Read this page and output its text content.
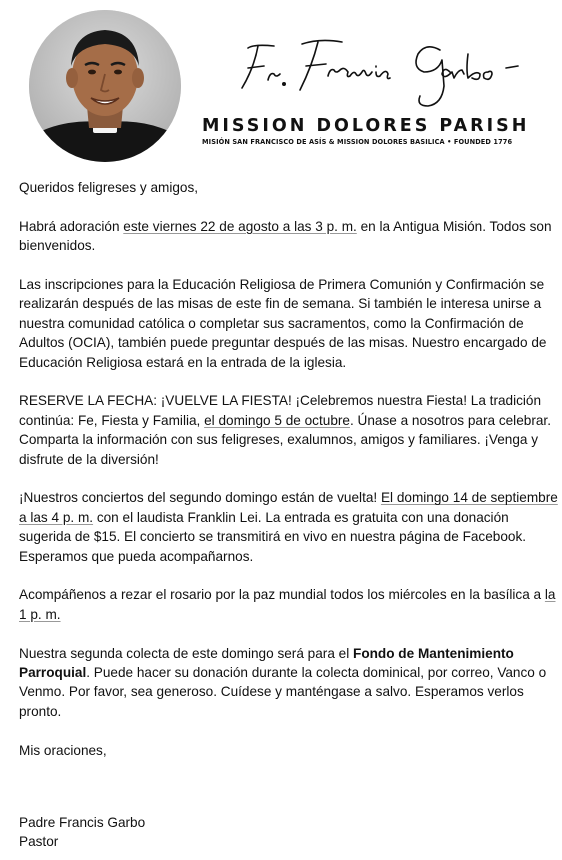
MISSION DOLORES PARISH
MISIÓN SAN FRANCISCO DE ASÍS & MISSION DOLORES BASILICA • FOUNDED 1776

Queridos feligreses y amigos,

Habrá adoración este viernes 22 de agosto a las 3 p. m. en la Antigua Misión. Todos son bienvenidos.

Las inscripciones para la Educación Religiosa de Primera Comunión y Confirmación se realizarán después de las misas de este fin de semana. Si también le interesa unirse a nuestra comunidad católica o completar sus sacramentos, como la Confirmación de Adultos (OCIA), también puede preguntar después de las misas. Nuestro encargado de Educación Religiosa estará en la entrada de la iglesia.

RESERVE LA FECHA: ¡VUELVE LA FIESTA! ¡Celebremos nuestra Fiesta! La tradición continúa: Fe, Fiesta y Familia, el domingo 5 de octubre. Únase a nosotros para celebrar. Comparta la información con sus feligreses, exalumnos, amigos y familiares. ¡Venga y disfrute de la diversión!

¡Nuestros conciertos del segundo domingo están de vuelta! El domingo 14 de septiembre a las 4 p. m. con el laudista Franklin Lei. La entrada es gratuita con una donación sugerida de $15. El concierto se transmitirá en vivo en nuestra página de Facebook. Esperamos que pueda acompañarnos.

Acompáñenos a rezar el rosario por la paz mundial todos los miércoles en la basílica a la 1 p. m.

Nuestra segunda colecta de este domingo será para el Fondo de Mantenimiento Parroquial. Puede hacer su donación durante la colecta dominical, por correo, Vanco o Venmo. Por favor, sea generoso. Cuídese y manténgase a salvo. Esperamos verlos pronto.

Mis oraciones,

Padre Francis Garbo
Pastor
